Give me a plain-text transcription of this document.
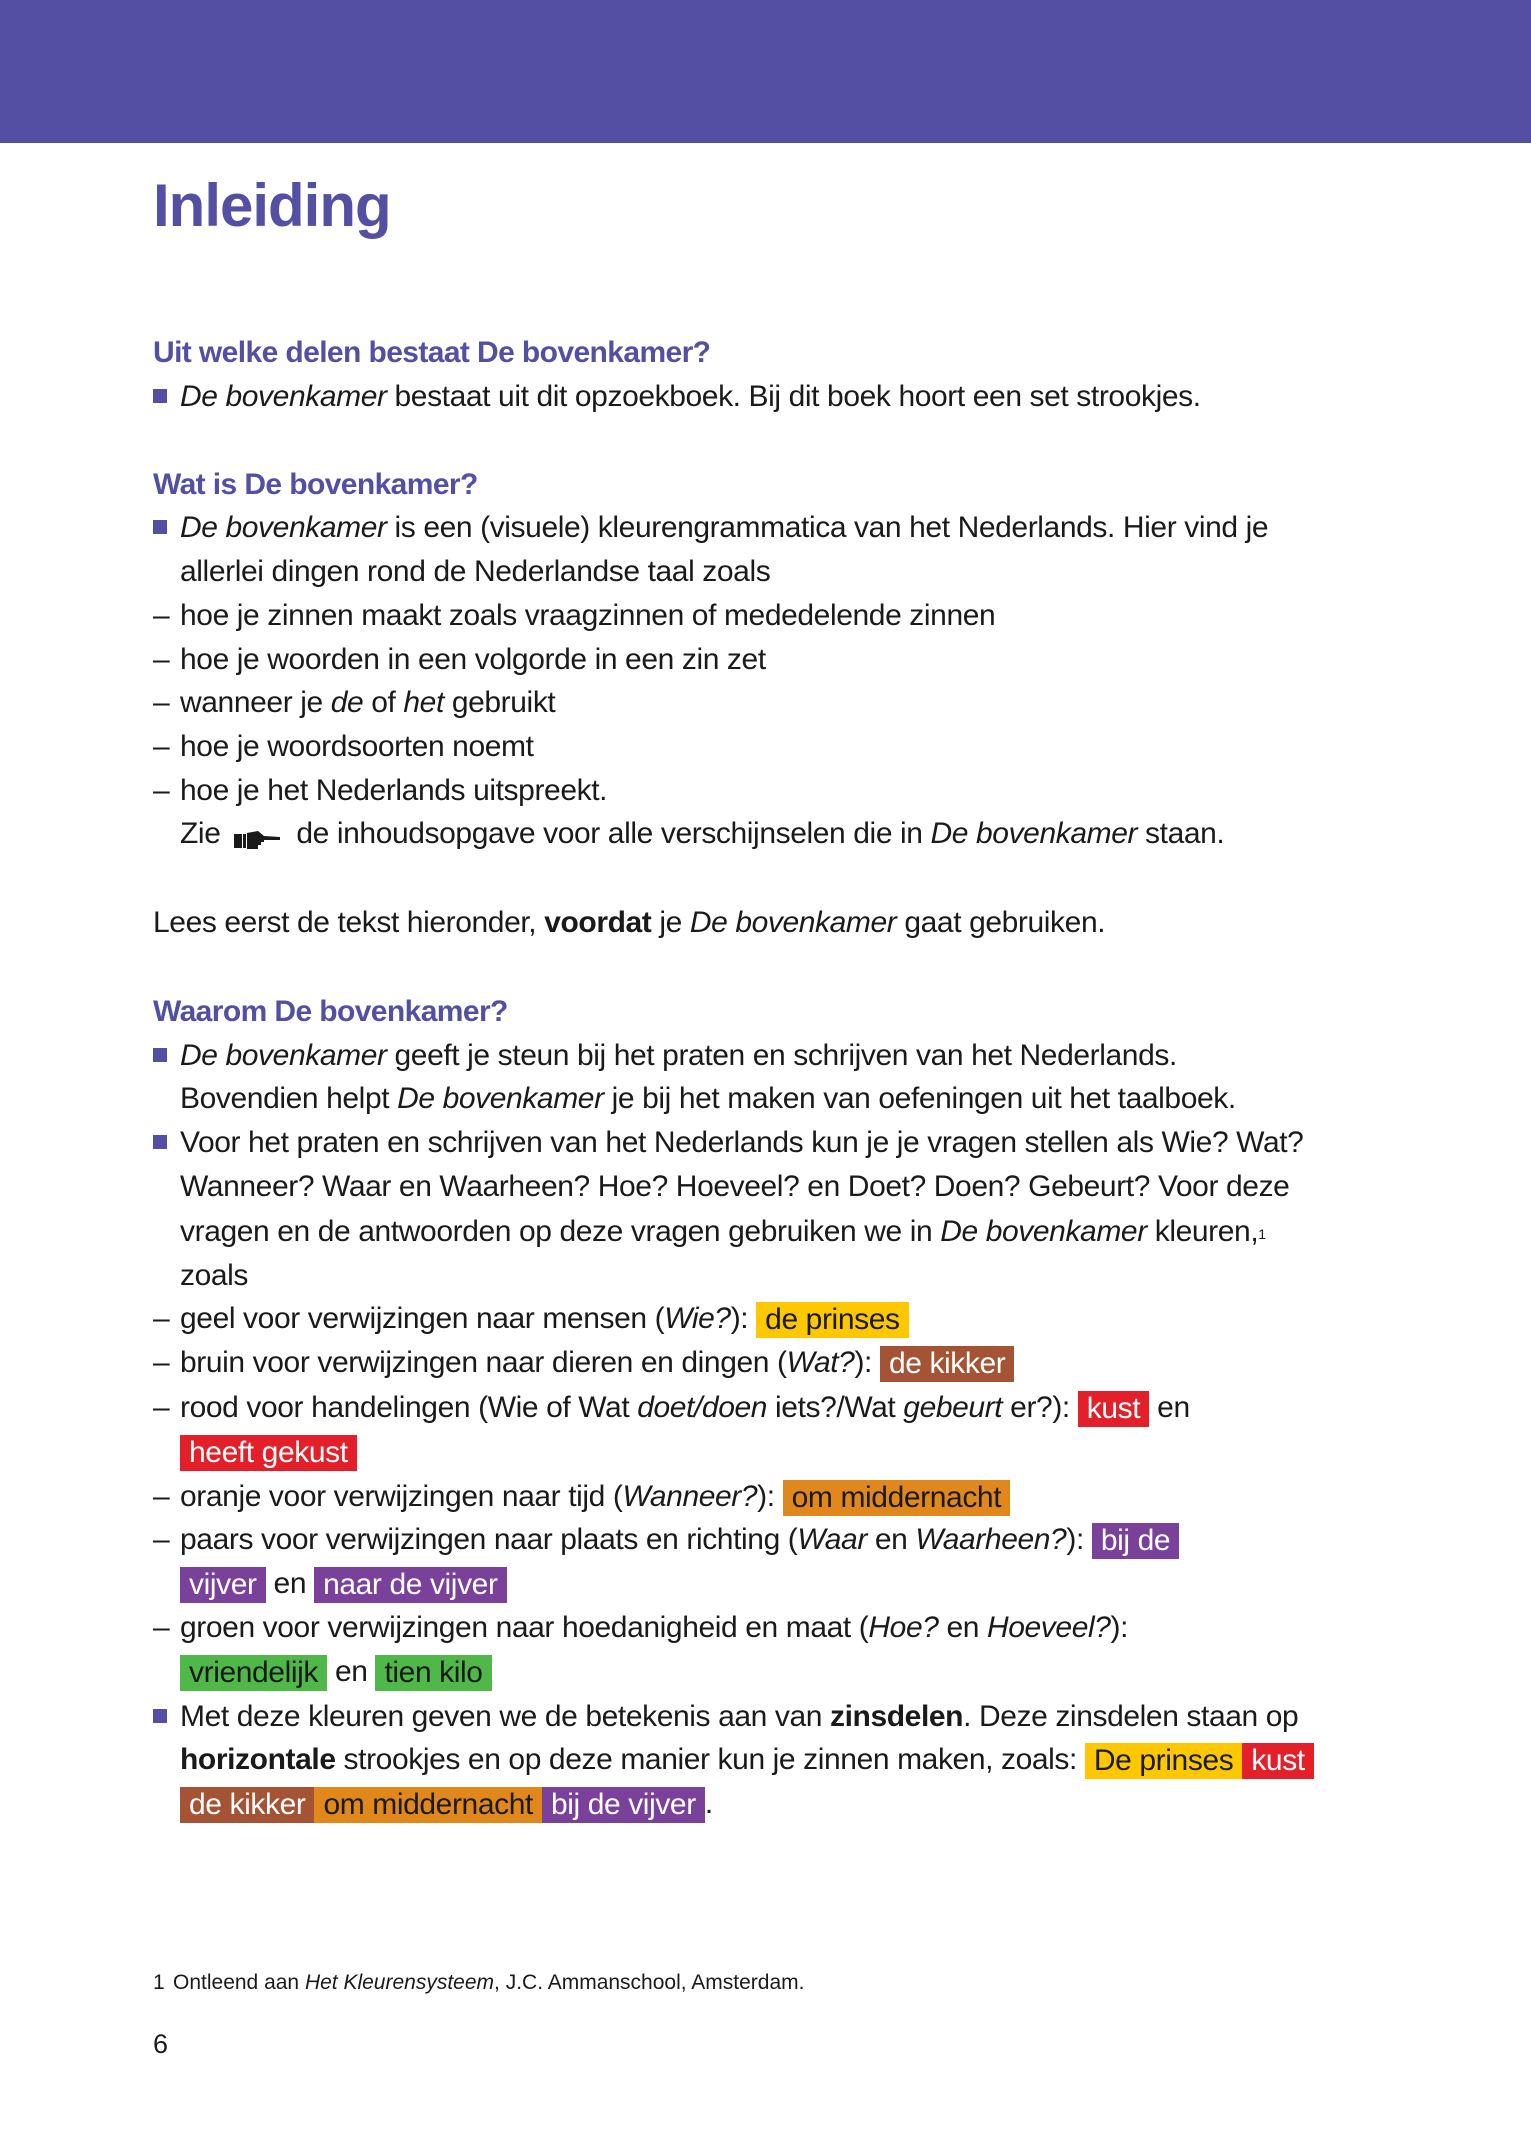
Inleiding
Uit welke delen bestaat De bovenkamer?
De bovenkamer bestaat uit dit opzoekboek. Bij dit boek hoort een set strookjes.
Wat is De bovenkamer?
De bovenkamer is een (visuele) kleurengrammatica van het Nederlands. Hier vind je
allerlei dingen rond de Nederlandse taal zoals
– hoe je zinnen maakt zoals vraagzinnen of mededelende zinnen
– hoe je woorden in een volgorde in een zin zet
– wanneer je de of het gebruikt
– hoe je woordsoorten noemt
– hoe je het Nederlands uitspreekt.
Zie	de inhoudsopgave voor alle verschijnselen die in De bovenkamer staan.
Lees eerst de tekst hieronder, voordat je De bovenkamer gaat gebruiken.
Waarom De bovenkamer?
De bovenkamer geeft je steun bij het praten en schrijven van het Nederlands.
Bovendien helpt De bovenkamer je bij het maken van oefeningen uit het taalboek.
Voor het praten en schrijven van het Nederlands kun je je vragen stellen als Wie? Wat?
Wanneer? Waar en Waarheen? Hoe? Hoeveel? en Doet? Doen? Gebeurt? Voor deze
vragen en de antwoorden op deze vragen gebruiken we in De bovenkamer kleuren,$^1$
zoals
– geel voor verwijzingen naar mensen (Wie?): de prinses
– bruin voor verwijzingen naar dieren en dingen (Wat?): de kikker
– rood voor handelingen (Wie of Wat doet/doen iets?/Wat gebeurt er?): kust en
heeft gekust
– oranje voor verwijzingen naar tijd (Wanneer?): om middernacht
– paars voor verwijzingen naar plaats en richting (Waar en Waarheen?): bij de
vijver en naar de vijver
– groen voor verwijzingen naar hoedanigheid en maat (Hoe? en Hoeveel?):
vriendelijk en tien kilo
Met deze kleuren geven we de betekenis aan van zinsdelen. Deze zinsdelen staan op
horizontale strookjes en op deze manier kun je zinnen maken, zoals: De prinses kust
de kikker om middernacht bij de vijver .
1 Ontleend aan Het Kleurensysteem, J.C. Ammanschool, Amsterdam.
6
